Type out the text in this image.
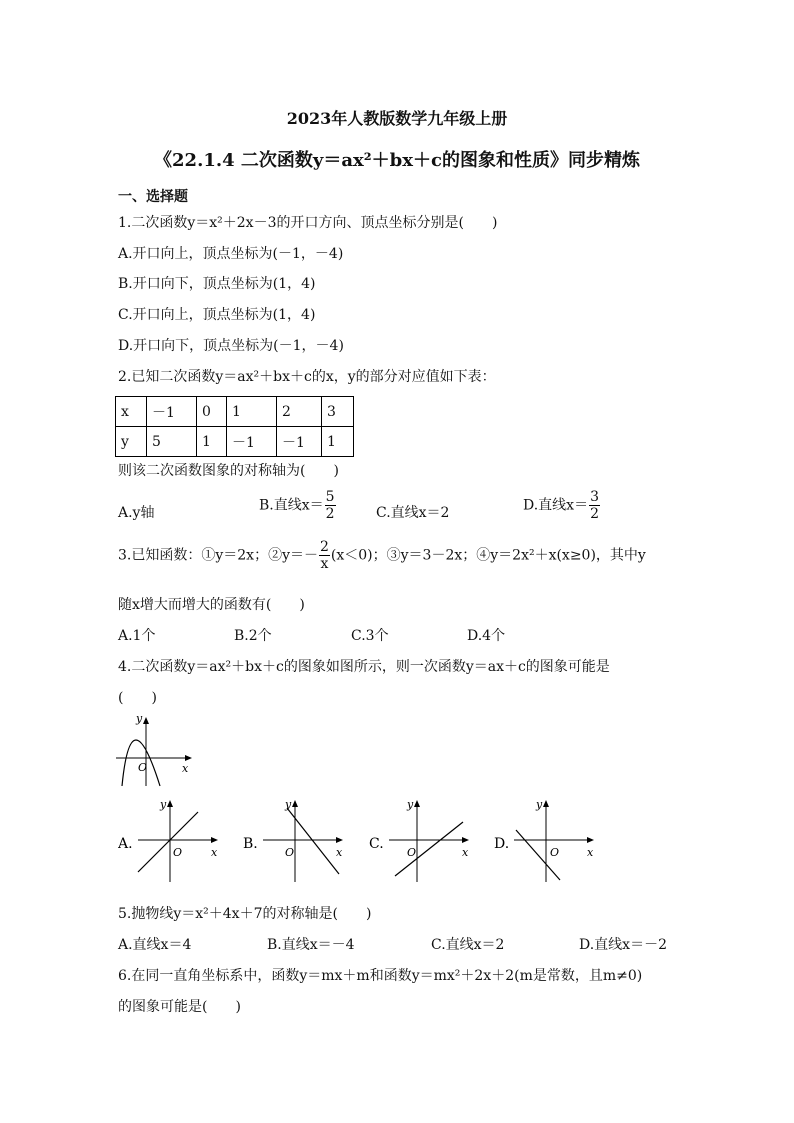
2023年人教版数学九年级上册
《22.1.4 二次函数y＝ax²＋bx＋c的图象和性质》同步精炼
一、选择题
1.二次函数y＝x²＋2x－3的开口方向、顶点坐标分别是(　　)
A.开口向上，顶点坐标为(－1，－4)
B.开口向下，顶点坐标为(1，4)
C.开口向上，顶点坐标为(1，4)
D.开口向下，顶点坐标为(－1，－4)
2.已知二次函数y＝ax²＋bx＋c的x，y的部分对应值如下表：
x	－1	0	1	2	3
y	5	1	－1	－1	1
则该二次函数图象的对称轴为(　　)
A.y轴	B.直线$x= \frac{5}{2}$	C.直线x＝2	D.直线$x= \frac{3}{2}$
3.已知函数：①y＝2x；②y＝－ $\frac{2}{x} (x<0)$；③y＝3－2x；④y＝2x²＋x(x≥0)，其中y
随x增大而增大的函数有(　　)
A.1个	B.2个	C.3个	D.4个
4.二次函数y＝ax²＋bx＋c的图象如图所示，则一次函数y＝ax＋c的图象可能是
(　　)
y
x
O
A.
y
x
O
B.
y
x
O
C.
y
x
O
D.
y
x
O
5.抛物线y＝x²＋4x＋7的对称轴是(　　)
A.直线x＝4	B.直线x＝－4	C.直线x＝2	D.直线x＝－2
6.在同一直角坐标系中，函数y＝mx＋m和函数y＝mx²＋2x＋2(m是常数，且m≠0)
的图象可能是(　　)
